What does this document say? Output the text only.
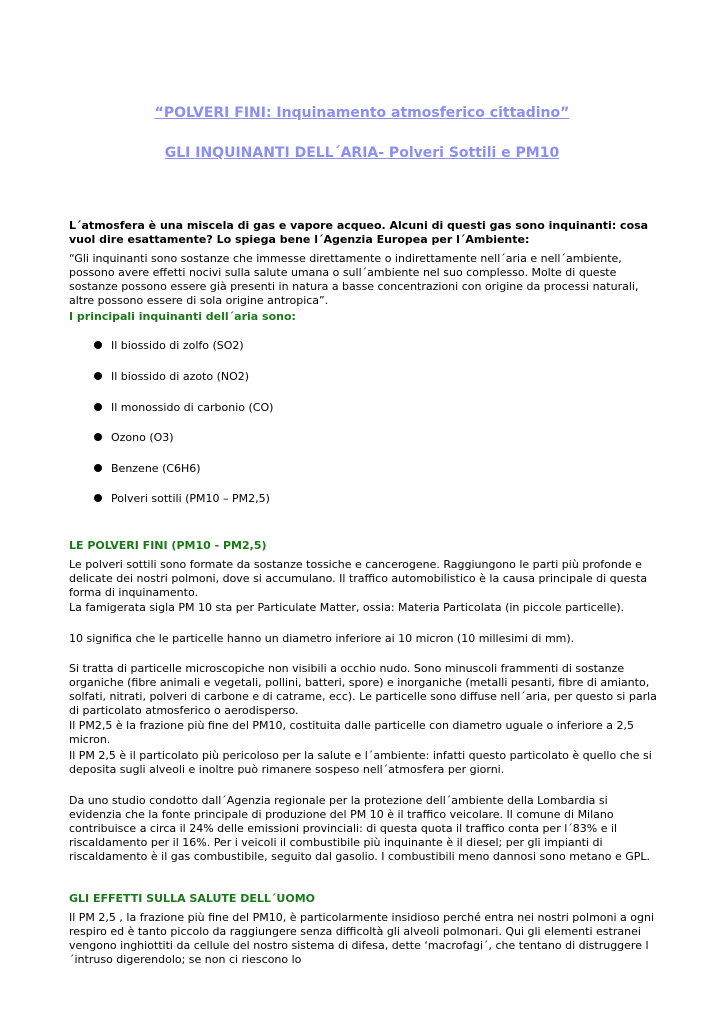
“POLVERI FINI: Inquinamento atmosferico cittadino”
GLI INQUINANTI DELL´ARIA- Polveri Sottili e PM10
L´atmosfera è una miscela di gas e vapore acqueo. Alcuni di questi gas sono inquinanti: cosa vuol dire esattamente? Lo spiega bene l´Agenzia Europea per l´Ambiente:
“Gli inquinanti sono sostanze che immesse direttamente o indirettamente nell´aria e nell´ambiente, possono avere effetti nocivi sulla salute umana o sull´ambiente nel suo complesso. Molte di queste sostanze possono essere già presenti in natura a basse concentrazioni con origine da processi naturali, altre possono essere di sola origine antropica”.
I principali inquinanti dell´aria sono:
Il biossido di zolfo (SO2)
Il biossido di azoto (NO2)
Il monossido di carbonio (CO)
Ozono (O3)
Benzene (C6H6)
Polveri sottili (PM10 – PM2,5)
LE POLVERI FINI (PM10 - PM2,5)
Le polveri sottili sono formate da sostanze tossiche e cancerogene. Raggiungono le parti più profonde e delicate dei nostri polmoni, dove si accumulano. Il traffico automobilistico è la causa principale di questa forma di inquinamento.
La famigerata sigla PM 10 sta per Particulate Matter, ossia: Materia Particolata (in piccole particelle).
10 significa che le particelle hanno un diametro inferiore ai 10 micron (10 millesimi di mm).
Si tratta di particelle microscopiche non visibili a occhio nudo. Sono minuscoli frammenti di sostanze organiche (fibre animali e vegetali, pollini, batteri, spore) e inorganiche (metalli pesanti, fibre di amianto, solfati, nitrati, polveri di carbone e di catrame, ecc). Le particelle sono diffuse nell´aria, per questo si parla di particolato atmosferico o aerodisperso.
Il PM2,5 è la frazione più fine del PM10, costituita dalle particelle con diametro uguale o inferiore a 2,5 micron.
Il PM 2,5 è il particolato più pericoloso per la salute e l´ambiente: infatti questo particolato è quello che si deposita sugli alveoli e inoltre può rimanere sospeso nell´atmosfera per giorni.
Da uno studio condotto dall´Agenzia regionale per la protezione dell´ambiente della Lombardia si evidenzia che la fonte principale di produzione del PM 10 è il traffico veicolare. Il comune di Milano contribuisce a circa il 24% delle emissioni provinciali: di questa quota il traffico conta per l´83% e il riscaldamento per il 16%. Per i veicoli il combustibile più inquinante è il diesel; per gli impianti di riscaldamento è il gas combustibile, seguito dal gasolio. I combustibili meno dannosi sono metano e GPL.
GLI EFFETTI SULLA SALUTE DELL´UOMO
Il PM 2,5 , la frazione più fine del PM10, è particolarmente insidioso perché entra nei nostri polmoni a ogni respiro ed è tanto piccolo da raggiungere senza difficoltà gli alveoli polmonari. Qui gli elementi estranei vengono inghiottiti da cellule del nostro sistema di difesa, dette ‘macrofagi´, che tentano di distruggere l´intruso digerendolo; se non ci riescono lo
